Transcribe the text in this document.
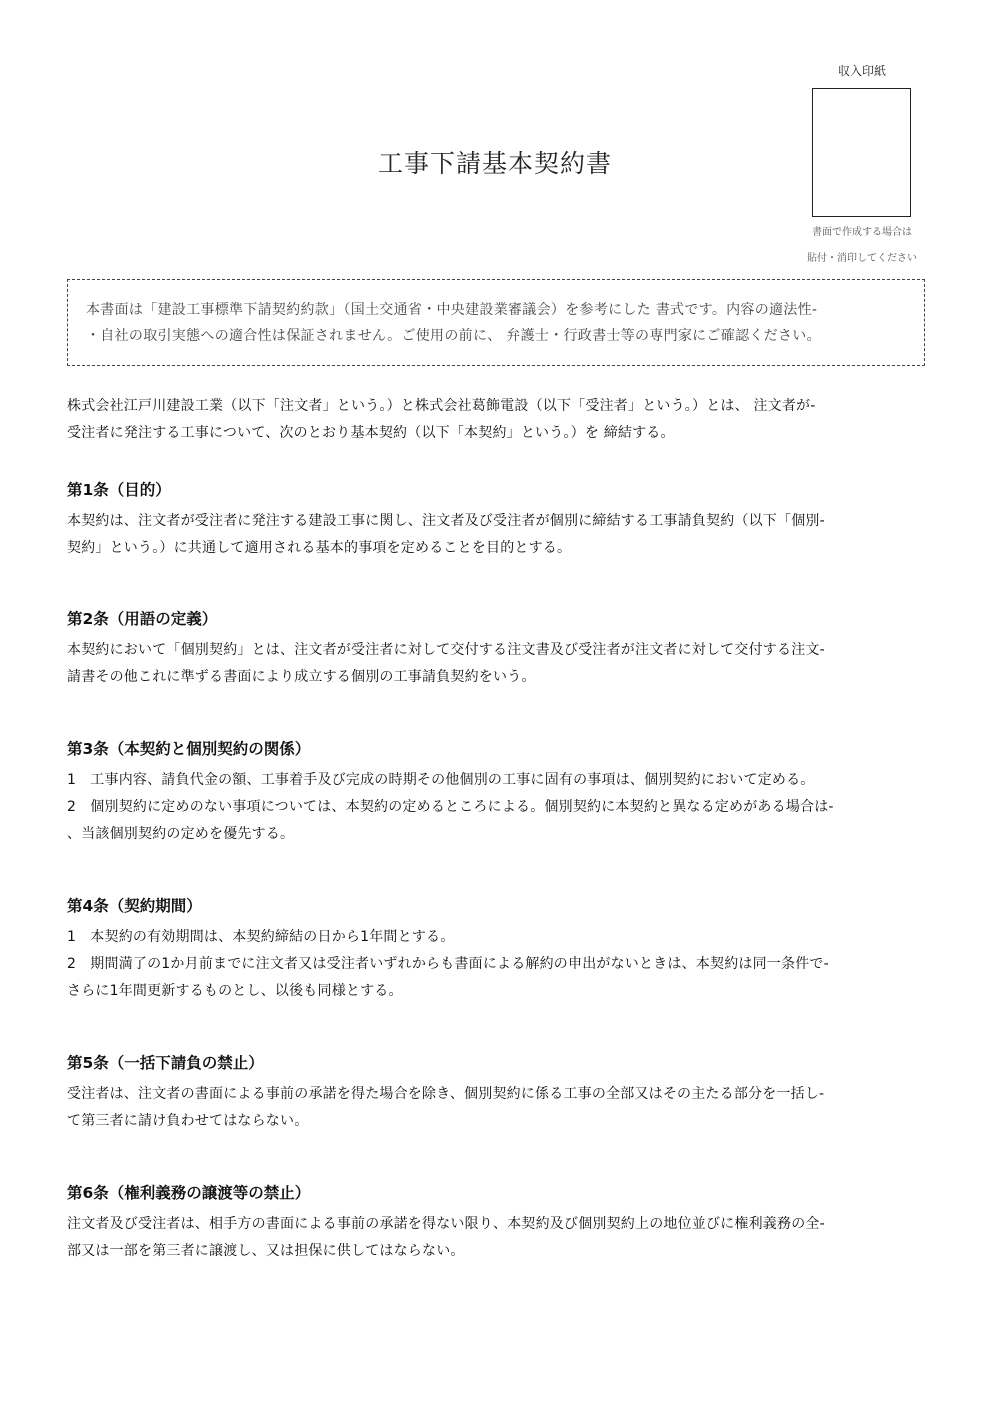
収入印紙
書面で作成する場合は
貼付・消印してください
工事下請基本契約書

本書面は「建設工事標準下請契約約款」（国土交通省・中央建設業審議会）を参考にした 書式です。内容の適法性-

・自社の取引実態への適合性は保証されません。ご使用の前に、 弁護士・行政書士等の専門家にご確認ください。

株式会社江戸川建設工業（以下「注文者」という。）と株式会社葛飾電設（以下「受注者」という。）とは、 注文者が-

受注者に発注する工事について、次のとおり基本契約（以下「本契約」という。）を 締結する。

第1条（目的）

本契約は、注文者が受注者に発注する建設工事に関し、注文者及び受注者が個別に締結する工事請負契約（以下「個別-

契約」という。）に共通して適用される基本的事項を定めることを目的とする。

第2条（用語の定義）

本契約において「個別契約」とは、注文者が受注者に対して交付する注文書及び受注者が注文者に対して交付する注文-

請書その他これに準ずる書面により成立する個別の工事請負契約をいう。

第3条（本契約と個別契約の関係）

1　工事内容、請負代金の額、工事着手及び完成の時期その他個別の工事に固有の事項は、個別契約において定める。

2　個別契約に定めのない事項については、本契約の定めるところによる。個別契約に本契約と異なる定めがある場合は-

、当該個別契約の定めを優先する。

第4条（契約期間）

1　本契約の有効期間は、本契約締結の日から1年間とする。

2　期間満了の1か月前までに注文者又は受注者いずれからも書面による解約の申出がないときは、本契約は同一条件で-

さらに1年間更新するものとし、以後も同様とする。

第5条（一括下請負の禁止）

受注者は、注文者の書面による事前の承諾を得た場合を除き、個別契約に係る工事の全部又はその主たる部分を一括し-

て第三者に請け負わせてはならない。

第6条（権利義務の譲渡等の禁止）

注文者及び受注者は、相手方の書面による事前の承諾を得ない限り、本契約及び個別契約上の地位並びに権利義務の全-

部又は一部を第三者に譲渡し、又は担保に供してはならない。
